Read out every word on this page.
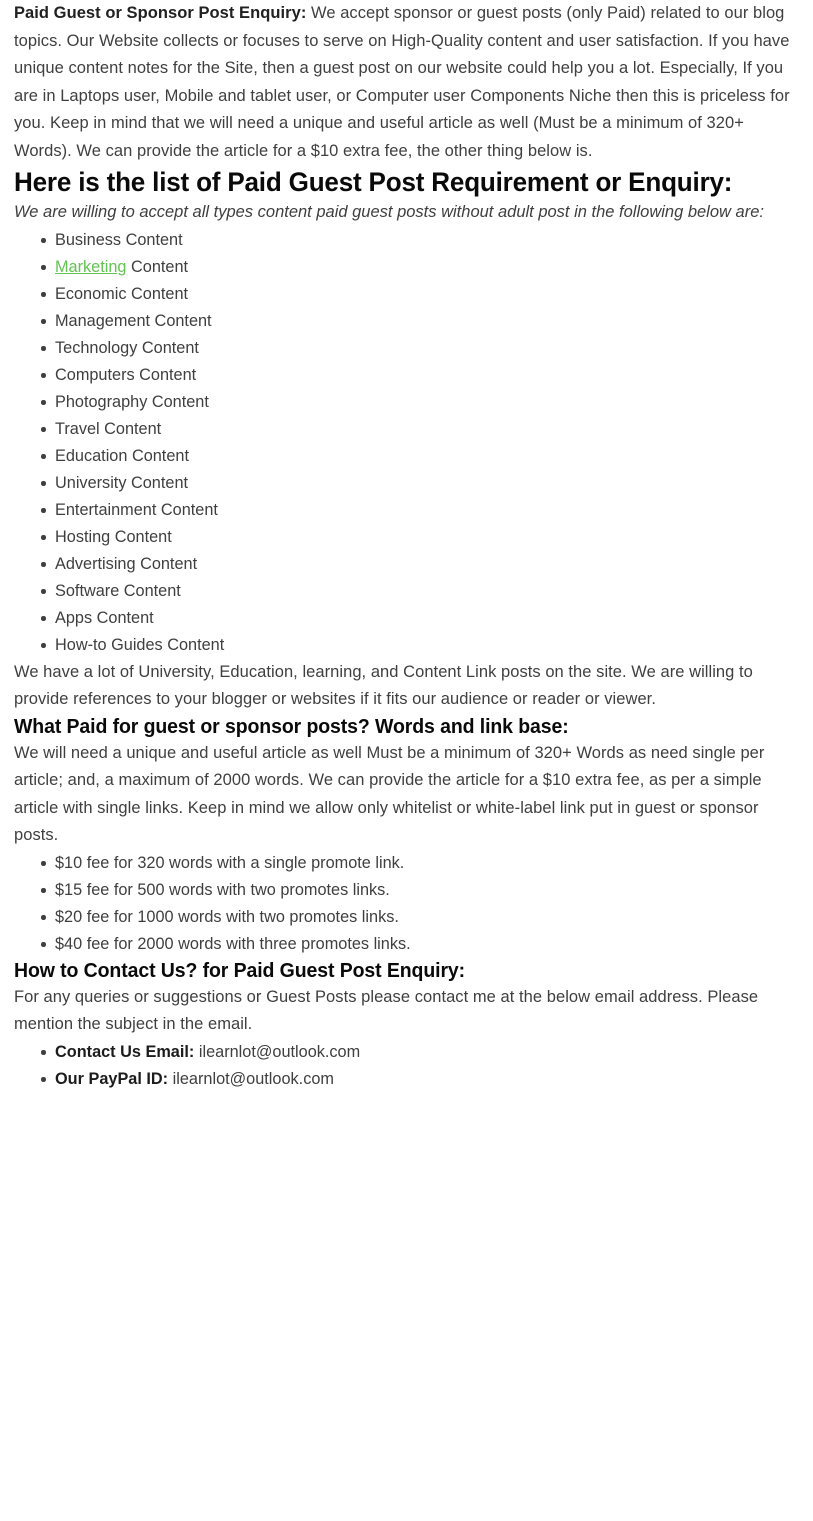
Paid Guest or Sponsor Post Enquiry: We accept sponsor or guest posts (only Paid) related to our blog topics. Our Website collects or focuses to serve on High-Quality content and user satisfaction. If you have unique content notes for the Site, then a guest post on our website could help you a lot. Especially, If you are in Laptops user, Mobile and tablet user, or Computer user Components Niche then this is priceless for you. Keep in mind that we will need a unique and useful article as well (Must be a minimum of 320+ Words). We can provide the article for a $10 extra fee, the other thing below is.

Here is the list of Paid Guest Post Requirement or Enquiry:

We are willing to accept all types content paid guest posts without adult post in the following below are:

Business Content
Marketing Content
Economic Content
Management Content
Technology Content
Computers Content
Photography Content
Travel Content
Education Content
University Content
Entertainment Content
Hosting Content
Advertising Content
Software Content
Apps Content
How-to Guides Content

We have a lot of University, Education, learning, and Content Link posts on the site. We are willing to provide references to your blogger or websites if it fits our audience or reader or viewer.

What Paid for guest or sponsor posts? Words and link base:

We will need a unique and useful article as well Must be a minimum of 320+ Words as need single per article; and, a maximum of 2000 words. We can provide the article for a $10 extra fee, as per a simple article with single links. Keep in mind we allow only whitelist or white-label link put in guest or sponsor posts.

$10 fee for 320 words with a single promote link.
$15 fee for 500 words with two promotes links.
$20 fee for 1000 words with two promotes links.
$40 fee for 2000 words with three promotes links.
How to Contact Us? for Paid Guest Post Enquiry:

For any queries or suggestions or Guest Posts please contact me at the below email address. Please mention the subject in the email.

Contact Us Email: ilearnlot@outlook.com
Our PayPal ID: ilearnlot@outlook.com
